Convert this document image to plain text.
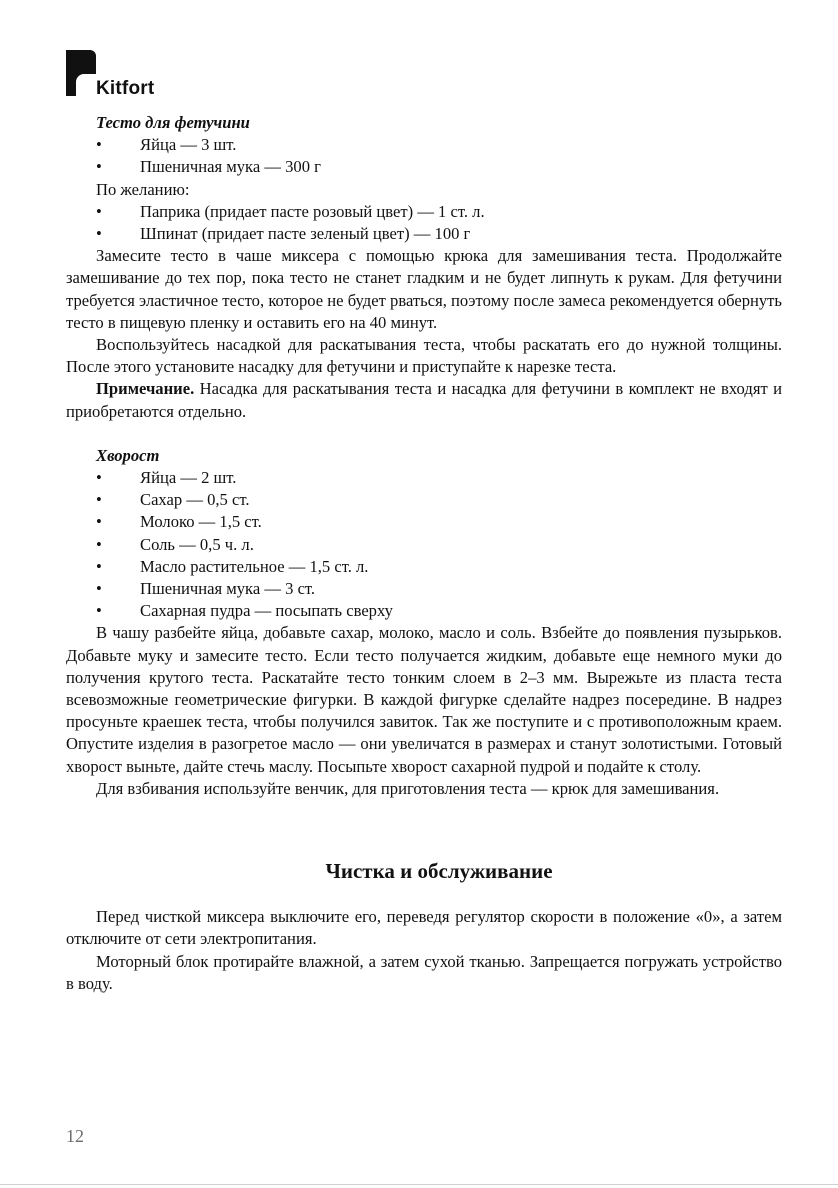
Kitfort

Тесто для фетучини

• Яйца — 3 шт.
• Пшеничная мука — 300 г

По желанию:

• Паприка (придает пасте розовый цвет) — 1 ст. л.
• Шпинат (придает пасте зеленый цвет) — 100 г

Замесите тесто в чаше миксера с помощью крюка для замешивания теста. Продолжайте замешивание до тех пор, пока тесто не станет гладким и не будет липнуть к рукам. Для фетучини требуется эластичное тесто, которое не будет рваться, поэтому после замеса рекомендуется обернуть тесто в пищевую пленку и оставить его на 40 минут.

Воспользуйтесь насадкой для раскатывания теста, чтобы раскатать его до нужной толщины. После этого установите насадку для фетучини и приступайте к нарезке теста.

Примечание. Насадка для раскатывания теста и насадка для фетучини в комплект не входят и приобретаются отдельно.

Хворост

• Яйца — 2 шт.
• Сахар — 0,5 ст.
• Молоко — 1,5 ст.
• Соль — 0,5 ч. л.
• Масло растительное — 1,5 ст. л.
• Пшеничная мука — 3 ст.
• Сахарная пудра — посыпать сверху

В чашу разбейте яйца, добавьте сахар, молоко, масло и соль. Взбейте до появления пузырьков. Добавьте муку и замесите тесто. Если тесто получается жидким, добавьте еще немного муки до получения крутого теста. Раскатайте тесто тонким слоем в 2–3 мм. Вырежьте из пласта теста всевозможные геометрические фигурки. В каждой фигурке сделайте надрез посередине. В надрез просуньте краешек теста, чтобы получился завиток. Так же поступите и с противоположным краем. Опустите изделия в разогретое масло — они увеличатся в размерах и станут золотистыми. Готовый хворост выньте, дайте стечь маслу. Посыпьте хворост сахарной пудрой и подайте к столу.

Для взбивания используйте венчик, для приготовления теста — крюк для замешивания.

Чистка и обслуживание

Перед чисткой миксера выключите его, переведя регулятор скорости в положение «0», а затем отключите от сети электропитания.

Моторный блок протирайте влажной, а затем сухой тканью. Запрещается погружать устройство в воду.

12
